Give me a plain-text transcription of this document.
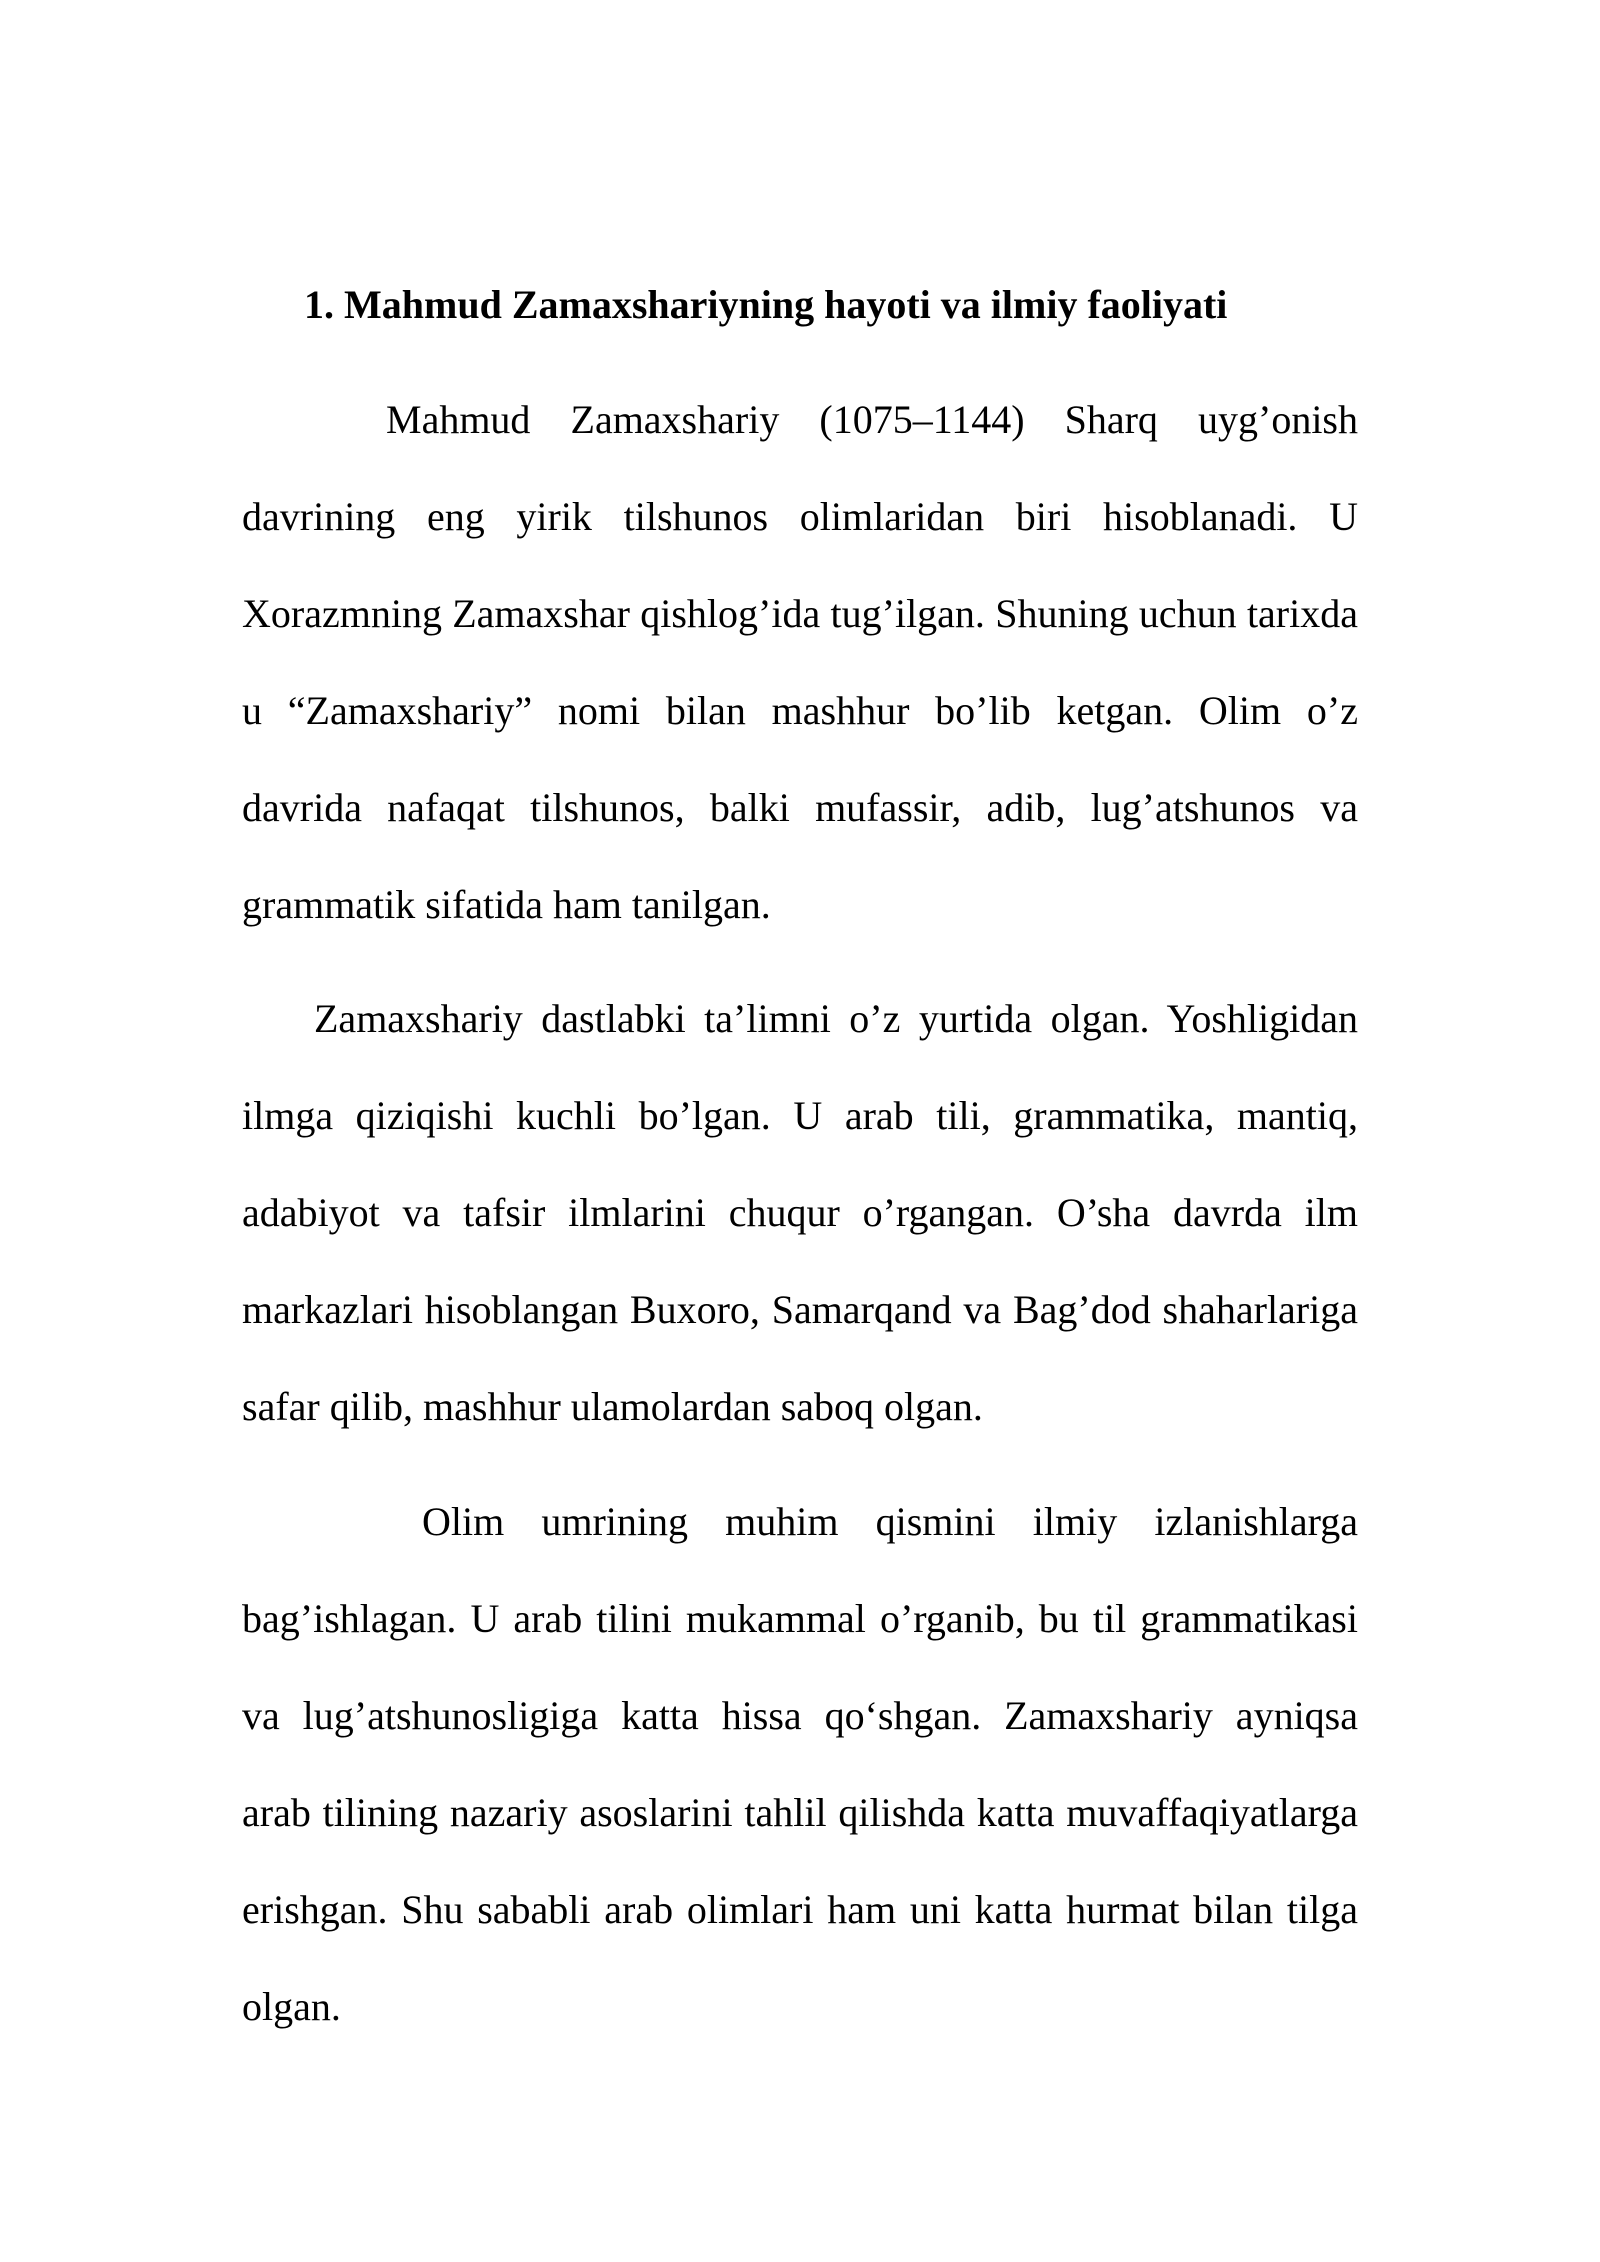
1. Mahmud Zamaxshariyning hayoti va ilmiy faoliyati

Mahmud Zamaxshariy (1075–1144) Sharq uyg’onish davrining eng yirik tilshunos olimlaridan biri hisoblanadi. U Xorazmning Zamaxshar qishlog’ida tug’ilgan. Shuning uchun tarixda u “Zamaxshariy” nomi bilan mashhur bo’lib ketgan. Olim o’z davrida nafaqat tilshunos, balki mufassir, adib, lug’atshunos va grammatik sifatida ham tanilgan.

Zamaxshariy dastlabki ta’limni o’z yurtida olgan. Yoshligidan ilmga qiziqishi kuchli bo’lgan. U arab tili, grammatika, mantiq, adabiyot va tafsir ilmlarini chuqur o’rgangan. O’sha davrda ilm markazlari hisoblangan Buxoro, Samarqand va Bag’dod shaharlariga safar qilib, mashhur ulamolardan saboq olgan.

Olim umrining muhim qismini ilmiy izlanishlarga bag’ishlagan. U arab tilini mukammal o’rganib, bu til grammatikasi va lug’atshunosligiga katta hissa qo‘shgan. Zamaxshariy ayniqsa arab tilining nazariy asoslarini tahlil qilishda katta muvaffaqiyatlarga erishgan. Shu sababli arab olimlari ham uni katta hurmat bilan tilga olgan.
